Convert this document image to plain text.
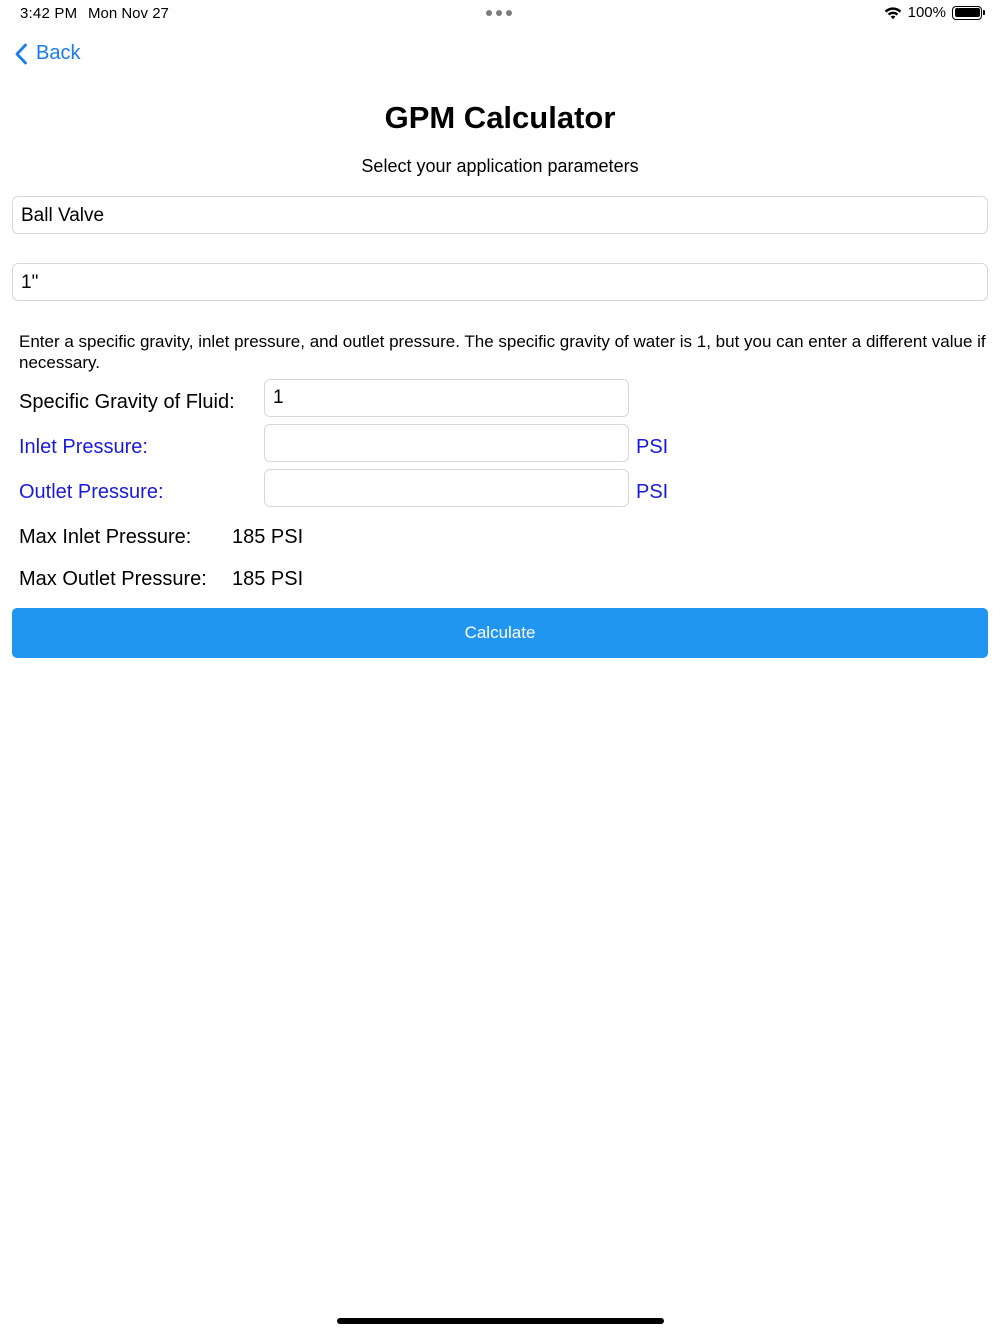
3:42 PM Mon Nov 27	100%
Back
GPM Calculator
Select your application parameters
Ball Valve
1"
Enter a specific gravity, inlet pressure, and outlet pressure. The specific gravity of water is 1, but you can enter a different value if necessary.
Specific Gravity of Fluid:
1
Inlet Pressure:	PSI
Outlet Pressure:	PSI
Max Inlet Pressure: 185 PSI
Max Outlet Pressure: 185 PSI
Calculate
